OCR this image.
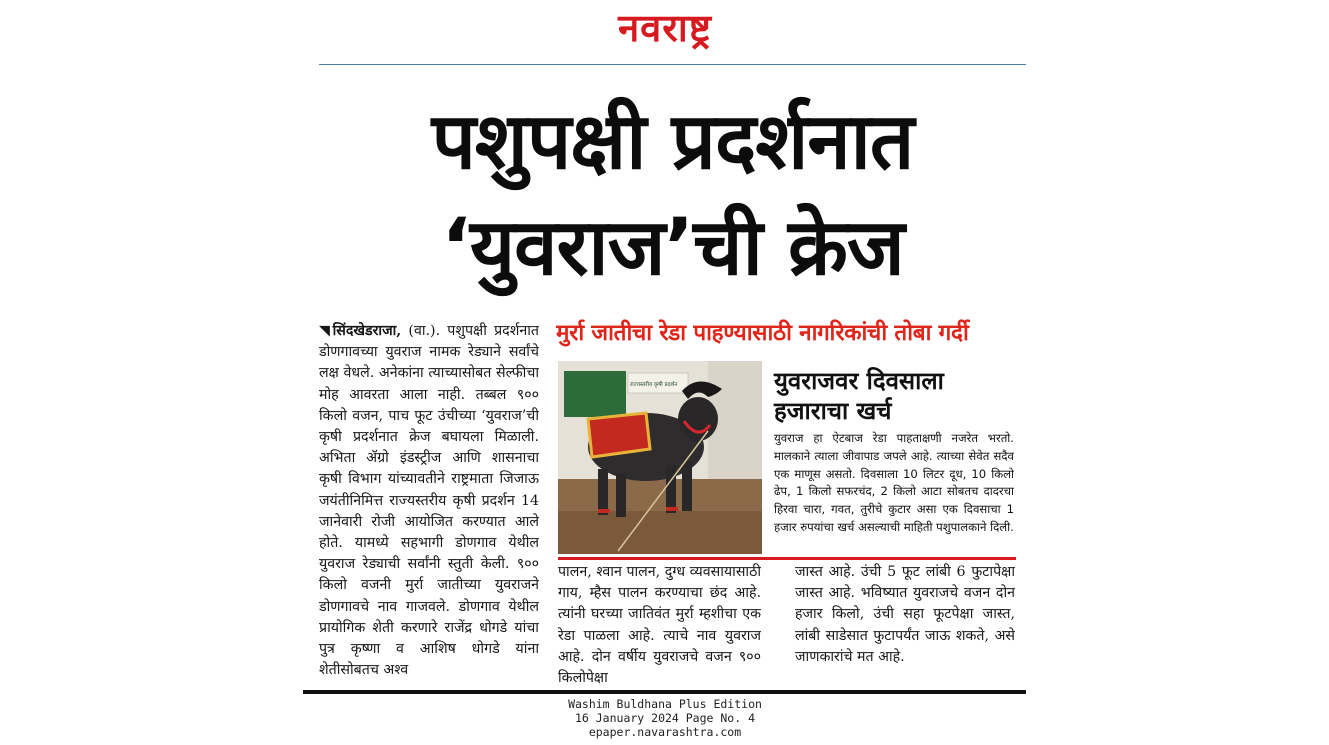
नवराष्ट्र
पशुपक्षी प्रदर्शनात
‘युवराज’ची क्रेज
◥सिंदखेडराजा, (वा.). पशुपक्षी प्रदर्शनात डोणगावच्या युवराज नामक रेड्याने सर्वांचे लक्ष वेधले. अनेकांना त्याच्यासोबत सेल्फीचा मोह आवरता आला नाही. तब्बल ९०० किलो वजन, पाच फूट उंचीच्या ‘युवराज’ची कृषी प्रदर्शनात क्रेज बघायला मिळाली. अभिता ॲग्रो इंडस्ट्रीज आणि शासनाचा कृषी विभाग यांच्यावतीने राष्ट्रमाता जिजाऊ जयंतीनिमित्त राज्यस्तरीय कृषी प्रदर्शन 14 जानेवारी रोजी आयोजित करण्यात आले होते. यामध्ये सहभागी डोणगाव येथील युवराज रेड्याची सर्वांनी स्तुती केली. ९०० किलो वजनी मुर्रा जातीच्या युवराजने डोणगावचे नाव गाजवले. डोणगाव येथील प्रायोगिक शेती करणारे राजेंद्र धोगडे यांचा पुत्र कृष्णा व आशिष धोगडे यांना शेतीसोबतच अश्व
मुर्रा जातीचा रेडा पाहण्यासाठी नागरिकांची तोबा गर्दी
राज्यस्तरीय कृषी प्रदर्शन	युवराजवर दिवसाला
हजाराचा खर्च
युवराज हा ऐटबाज रेडा पाहताक्षणी नजरेत भरतो. मालकाने त्याला जीवापाड जपले आहे. त्याच्या सेवेत सदैव एक माणूस असतो. दिवसाला 10 लिटर दूध, 10 किलो ढेप, 1 किलो सफरचंद, 2 किलो आटा सोबतच दादरचा हिरवा चारा, गवत, तुरीचे कुटार असा एक दिवसाचा 1 हजार रुपयांचा खर्च असल्याची माहिती पशुपालकाने दिली.
पालन, श्वान पालन, दुग्ध व्यवसायासाठी गाय, म्हैस पालन करण्याचा छंद आहे. त्यांनी घरच्या जातिवंत मुर्रा म्हशीचा एक रेडा पाळला आहे. त्याचे नाव युवराज आहे. दोन वर्षीय युवराजचे वजन ९०० किलोपेक्षा
जास्त आहे. उंची 5 फूट लांबी 6 फुटापेक्षा जास्त आहे. भविष्यात युवराजचे वजन दोन हजार किलो, उंची सहा फूटपेक्षा जास्त, लांबी साडेसात फुटापर्यंत जाऊ शकते, असे जाणकारांचे मत आहे.
Washim Buldhana Plus Edition
16 January 2024 Page No. 4
epaper.navarashtra.com
